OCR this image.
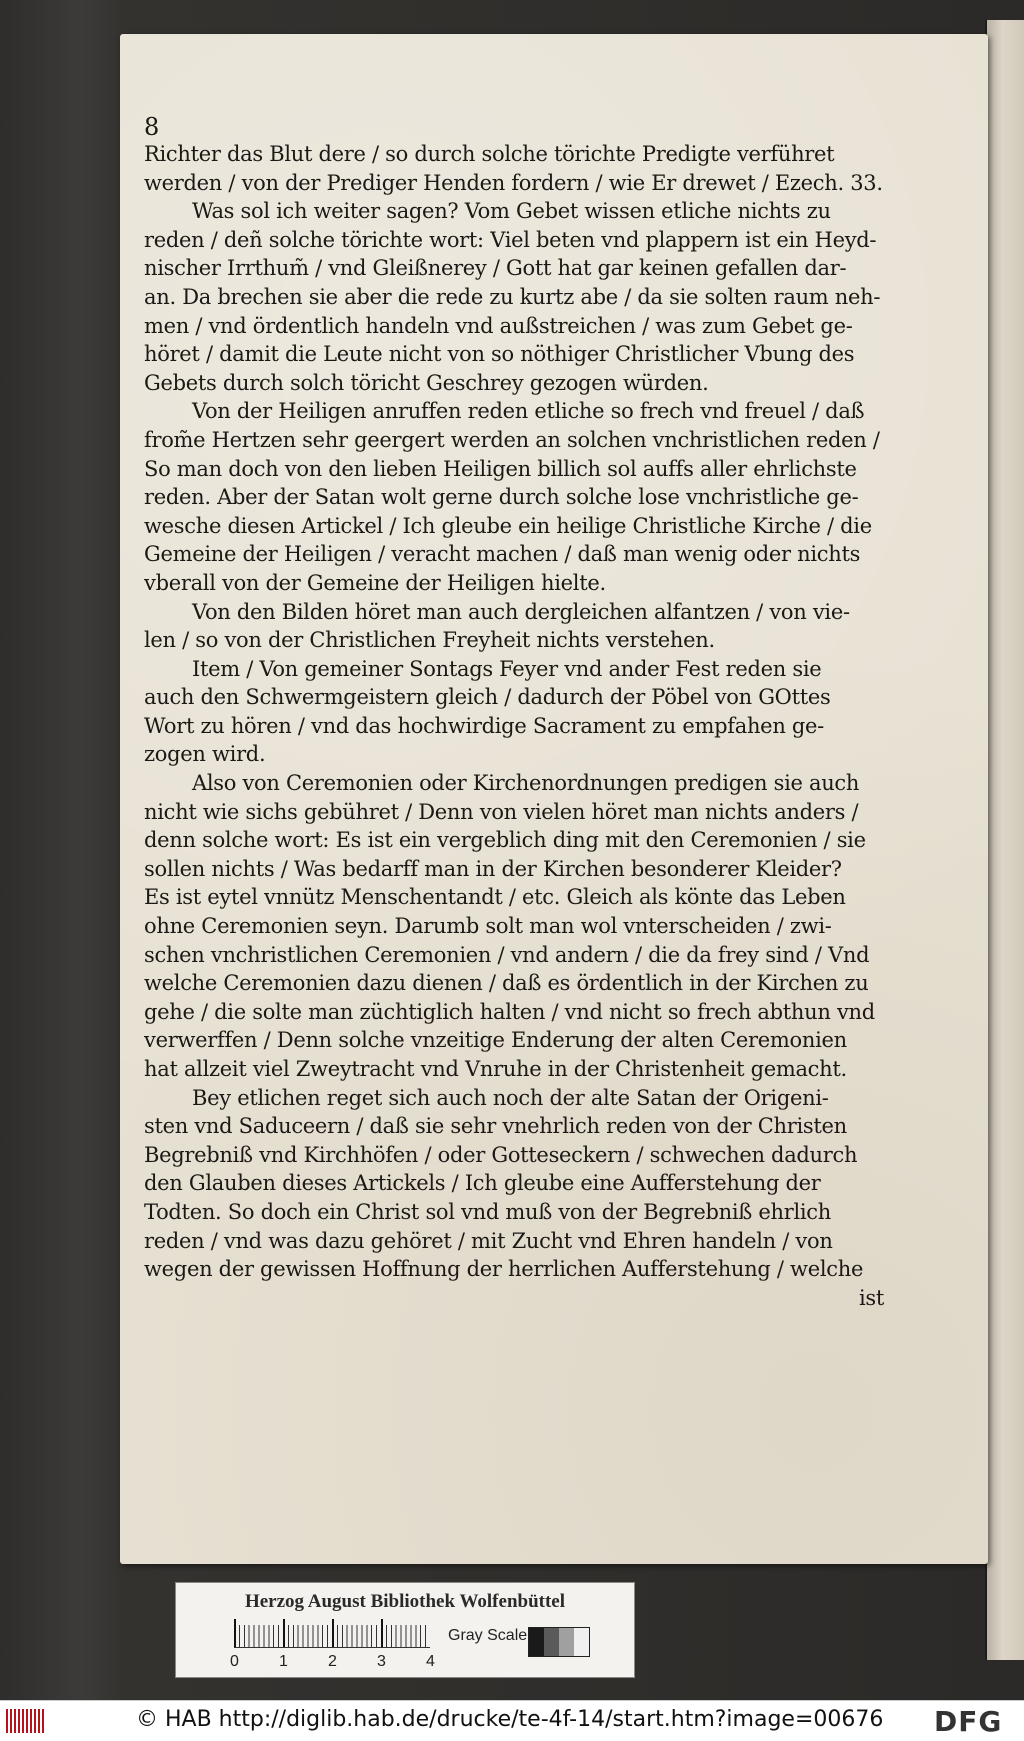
8
Richter das Blut dere / so durch solche törichte Predigte verführet
werden / von der Prediger Henden fordern / wie Er drewet / Ezech. 33.
Was sol ich weiter sagen? Vom Gebet wissen etliche nichts zu
reden / deñ solche törichte wort: Viel beten vnd plappern ist ein Heyd-
nischer Irrthum̃ / vnd Gleißnerey / Gott hat gar keinen gefallen dar-
an. Da brechen sie aber die rede zu kurtz abe / da sie solten raum neh-
men / vnd ördentlich handeln vnd außstreichen / was zum Gebet ge-
höret / damit die Leute nicht von so nöthiger Christlicher Vbung des
Gebets durch solch töricht Geschrey gezogen würden.
Von der Heiligen anruffen reden etliche so frech vnd freuel / daß
from̃e Hertzen sehr geergert werden an solchen vnchristlichen reden /
So man doch von den lieben Heiligen billich sol auffs aller ehrlichste
reden. Aber der Satan wolt gerne durch solche lose vnchristliche ge-
wesche diesen Artickel / Ich gleube ein heilige Christliche Kirche / die
Gemeine der Heiligen / veracht machen / daß man wenig oder nichts
vberall von der Gemeine der Heiligen hielte.
Von den Bilden höret man auch dergleichen alfantzen / von vie-
len / so von der Christlichen Freyheit nichts verstehen.
Item / Von gemeiner Sontags Feyer vnd ander Fest reden sie
auch den Schwermgeistern gleich / dadurch der Pöbel von GOttes
Wort zu hören / vnd das hochwirdige Sacrament zu empfahen ge-
zogen wird.
Also von Ceremonien oder Kirchenordnungen predigen sie auch
nicht wie sichs gebühret / Denn von vielen höret man nichts anders /
denn solche wort: Es ist ein vergeblich ding mit den Ceremonien / sie
sollen nichts / Was bedarff man in der Kirchen besonderer Kleider?
Es ist eytel vnnütz Menschentandt / etc. Gleich als könte das Leben
ohne Ceremonien seyn. Darumb solt man wol vnterscheiden / zwi-
schen vnchristlichen Ceremonien / vnd andern / die da frey sind / Vnd
welche Ceremonien dazu dienen / daß es ördentlich in der Kirchen zu
gehe / die solte man züchtiglich halten / vnd nicht so frech abthun vnd
verwerffen / Denn solche vnzeitige Enderung der alten Ceremonien
hat allzeit viel Zweytracht vnd Vnruhe in der Christenheit gemacht.
Bey etlichen reget sich auch noch der alte Satan der Origeni-
sten vnd Saduceern / daß sie sehr vnehrlich reden von der Christen
Begrebniß vnd Kirchhöfen / oder Gotteseckern / schwechen dadurch
den Glauben dieses Artickels / Ich gleube eine Aufferstehung der
Todten. So doch ein Christ sol vnd muß von der Begrebniß ehrlich
reden / vnd was dazu gehöret / mit Zucht vnd Ehren handeln / von
wegen der gewissen Hoffnung der herrlichen Aufferstehung / welche
ist
Herzog August Bibliothek Wolfenbüttel
0	1	2	3	4
Gray Scale
© HAB http://diglib.hab.de/drucke/te-4f-14/start.htm?image=00676 DFG
